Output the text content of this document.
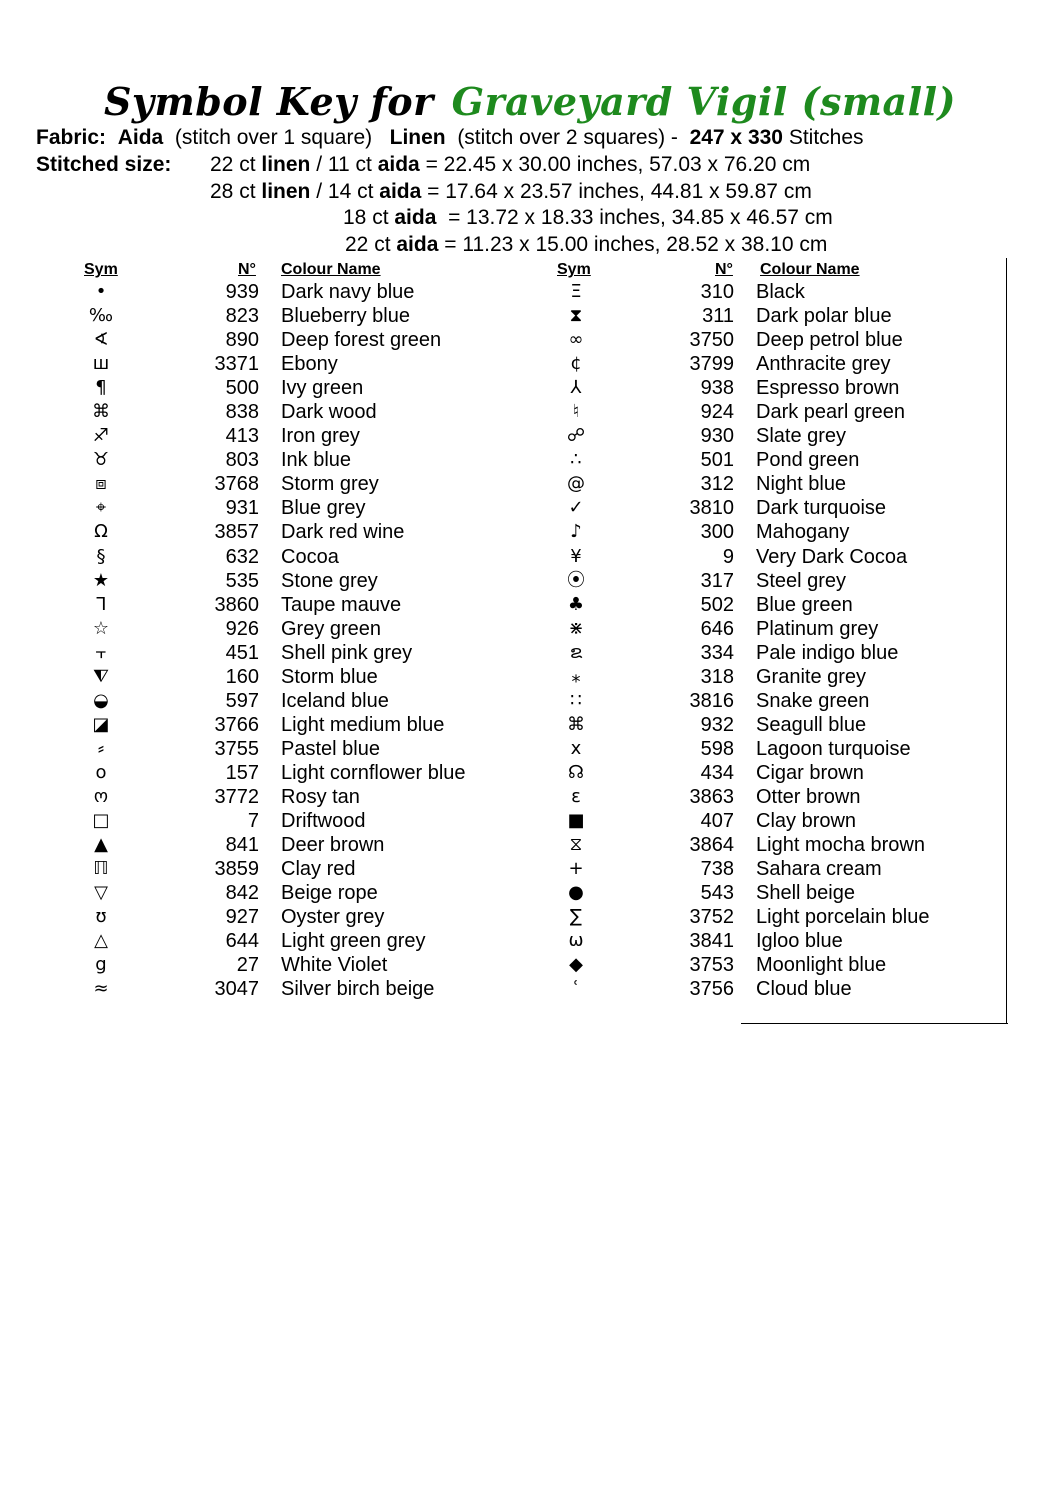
Symbol Key for Graveyard Vigil (small)
Fabric: Aida (stitch over 1 square) Linen (stitch over 2 squares) - 247 x 330 Stitches
Stitched size: 22 ct linen / 11 ct aida = 22.45 x 30.00 inches, 57.03 x 76.20 cm
28 ct linen / 14 ct aida = 17.64 x 23.57 inches, 44.81 x 59.87 cm
18 ct aida  = 13.72 x 18.33 inches, 34.85 x 46.57 cm
22 ct aida = 11.23 x 15.00 inches, 28.52 x 38.10 cm
Sym	N° Colour Name	Sym	N° Colour Name
•	939 Dark navy blue
‰	823 Blueberry blue
∢	890 Deep forest green
ш	3371 Ebony
¶	500 Ivy green
⌘	838 Dark wood
♐	413 Iron grey
♉	803 Ink blue
⧈	3768 Storm grey
⌖	931 Blue grey
Ω	3857 Dark red wine
§	632 Cocoa
★	535 Stone grey
ᒣ	3860 Taupe mauve
☆	926 Grey green
⫟	451 Shell pink grey
⧨	160 Storm blue
◒	597 Iceland blue
◪	3766 Light medium blue
⸗	3755 Pastel blue
o	157 Light cornflower blue
ო	3772 Rosy tan
□	7 Driftwood
▲	841 Deer brown
ℿ	3859 Clay red
▽	842 Beige rope
ʊ	927 Oyster grey
△	644 Light green grey
g	27 White Violet
≈	3047 Silver birch beige
Ξ	310 Black
⧗	311 Dark polar blue
∞	3750 Deep petrol blue
¢	3799 Anthracite grey
⅄	938 Espresso brown
♮	924 Dark pearl green
☍	930 Slate grey
∴	501 Pond green
@	312 Night blue
✓	3810 Dark turquoise
♪	300 Mahogany
¥	9 Very Dark Cocoa
⦿	317 Steel grey
♣	502 Blue green
⋇	646 Platinum grey
ຂ	334 Pale indigo blue
⁎	318 Granite grey
∷	3816 Snake green
⌘	932 Seagull blue
x	598 Lagoon turquoise
☊	434 Cigar brown
ɛ	3863 Otter brown
■	407 Clay brown
⧖	3864 Light mocha brown
+	738 Sahara cream
●	543 Shell beige
∑	3752 Light porcelain blue
ω	3841 Igloo blue
◆	3753 Moonlight blue
ʿ	3756 Cloud blue
